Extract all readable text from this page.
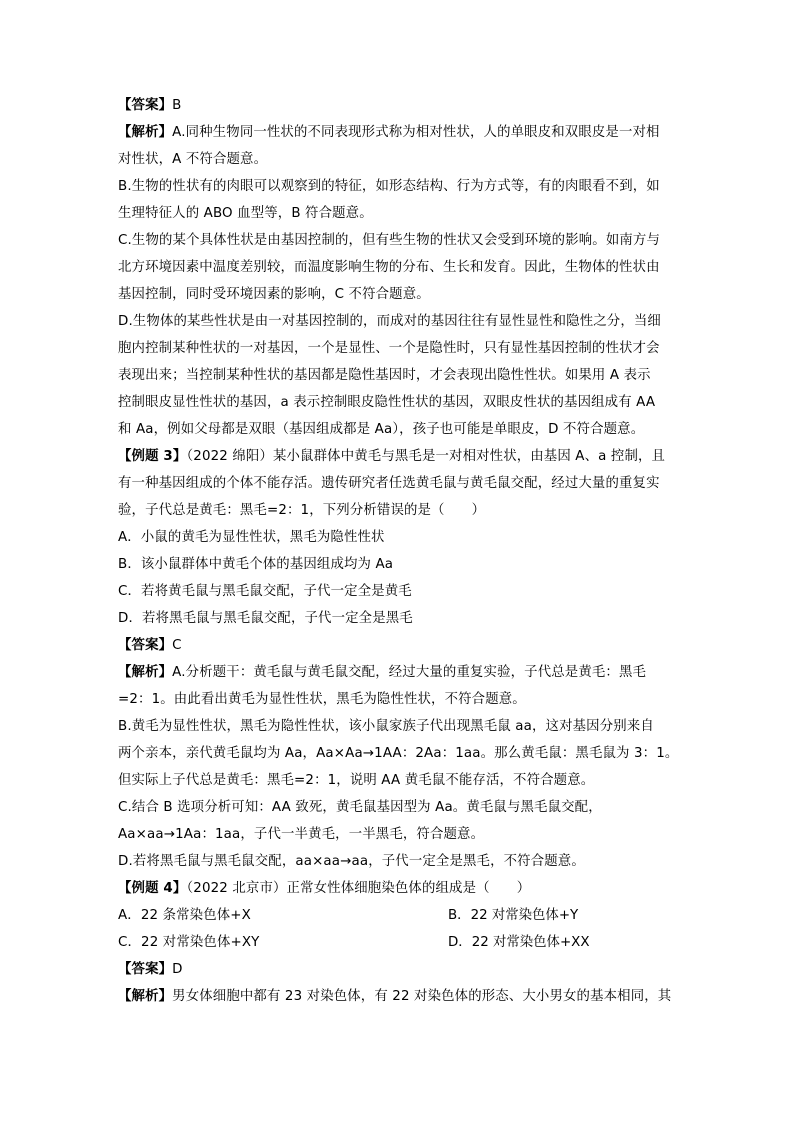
【答案】B
【解析】A.同种生物同一性状的不同表现形式称为相对性状，人的单眼皮和双眼皮是一对相
对性状，A 不符合题意。
B.生物的性状有的肉眼可以观察到的特征，如形态结构、行为方式等，有的肉眼看不到，如
生理特征人的 ABO 血型等，B 符合题意。
C.生物的某个具体性状是由基因控制的，但有些生物的性状又会受到环境的影响。如南方与
北方环境因素中温度差别较，而温度影响生物的分布、生长和发育。因此，生物体的性状由
基因控制，同时受环境因素的影响，C 不符合题意。
D.生物体的某些性状是由一对基因控制的，而成对的基因往往有显性显性和隐性之分，当细
胞内控制某种性状的一对基因，一个是显性、一个是隐性时，只有显性基因控制的性状才会
表现出来；当控制某种性状的基因都是隐性基因时，才会表现出隐性性状。如果用 A 表示
控制眼皮显性性状的基因，a 表示控制眼皮隐性性状的基因，双眼皮性状的基因组成有 AA
和 Aa，例如父母都是双眼（基因组成都是 Aa），孩子也可能是单眼皮，D 不符合题意。
【例题 3】（2022 绵阳）某小鼠群体中黄毛与黑毛是一对相对性状，由基因 A、a 控制，且
有一种基因组成的个体不能存活。遗传研究者任选黄毛鼠与黄毛鼠交配，经过大量的重复实
验，子代总是黄毛：黑毛=2：1，下列分析错误的是（　　）
A．小鼠的黄毛为显性性状，黑毛为隐性性状
B．该小鼠群体中黄毛个体的基因组成均为 Aa
C．若将黄毛鼠与黑毛鼠交配，子代一定全是黄毛
D．若将黑毛鼠与黑毛鼠交配，子代一定全是黑毛
【答案】C
【解析】A.分析题干：黄毛鼠与黄毛鼠交配，经过大量的重复实验，子代总是黄毛：黑毛
=2：1。由此看出黄毛为显性性状，黑毛为隐性性状，不符合题意。
B.黄毛为显性性状，黑毛为隐性性状，该小鼠家族子代出现黑毛鼠 aa，这对基因分别来自
两个亲本，亲代黄毛鼠均为 Aa，Aa×Aa→1AA：2Aa：1aa。那么黄毛鼠：黑毛鼠为 3：1。
但实际上子代总是黄毛：黑毛=2：1，说明 AA 黄毛鼠不能存活，不符合题意。
C.结合 B 选项分析可知：AA 致死，黄毛鼠基因型为 Aa。黄毛鼠与黑毛鼠交配，
Aa×aa→1Aa：1aa，子代一半黄毛，一半黑毛，符合题意。
D.若将黑毛鼠与黑毛鼠交配，aa×aa→aa，子代一定全是黑毛，不符合题意。
【例题 4】（2022 北京市）正常女性体细胞染色体的组成是（　　）
A．22 条常染色体+X	B．22 对常染色体+Y
C．22 对常染色体+XY	D．22 对常染色体+XX
【答案】D
【解析】男女体细胞中都有 23 对染色体，有 22 对染色体的形态、大小男女的基本相同，其
